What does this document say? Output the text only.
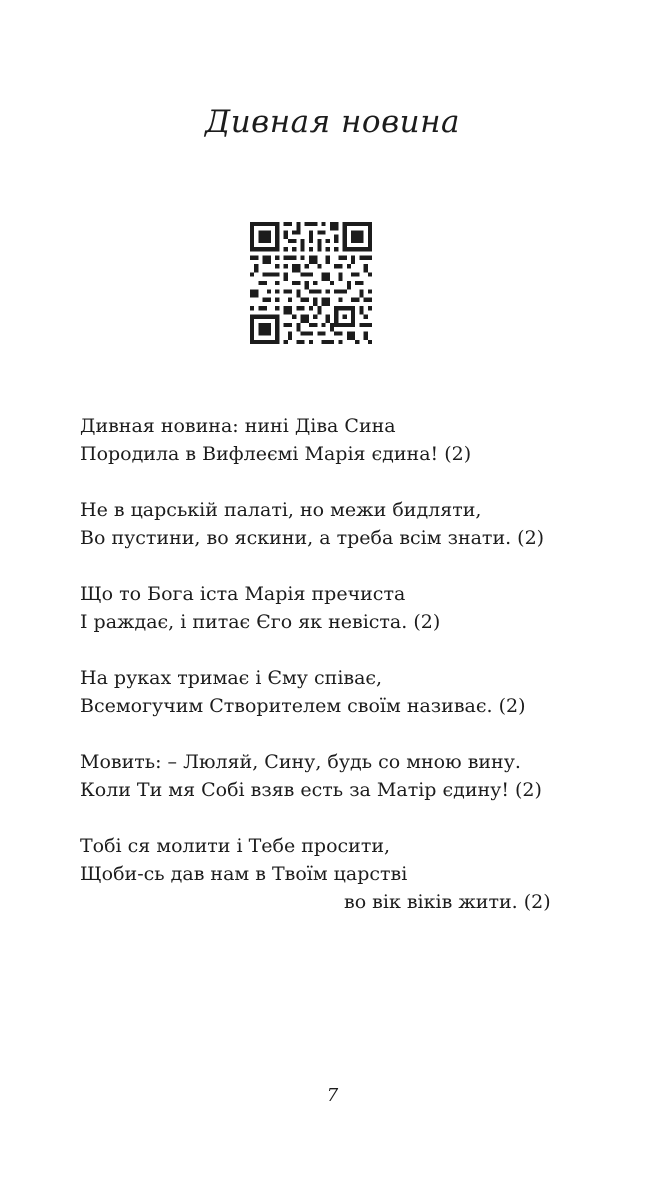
Дивная новина
Дивная новина: нині Діва Сина
Породила в Вифлеємі Марія єдина! (2)
Не в царській палаті, но межи бидляти,
Во пустини, во яскини, а треба всім знати. (2)
Що то Бога іста Марія пречиста
І раждає, і питає Єго як невіста. (2)
На руках тримає і Єму співає,
Всемогучим Створителем своїм називає. (2)
Мовить: – Люляй, Сину, будь со мною вину.
Коли Ти мя Собі взяв есть за Матір єдину! (2)
Тобі ся молити і Тебе просити,
Щоби-сь дав нам в Твоїм царстві
во вік віків жити. (2)
7
